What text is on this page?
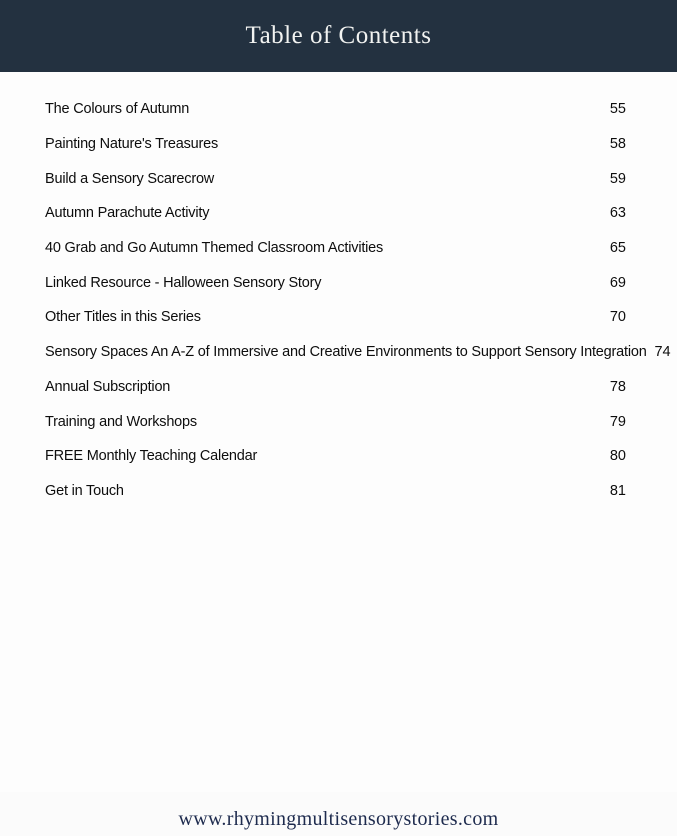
Table of Contents
The Colours of Autumn	55
Painting Nature's Treasures	58
Build a Sensory Scarecrow	59
Autumn Parachute Activity	63
40 Grab and Go Autumn Themed Classroom Activities	65
Linked Resource - Halloween Sensory Story	69
Other Titles in this Series	70
Sensory Spaces An A-Z of Immersive and Creative Environments to Support Sensory Integration 74
Annual Subscription	78
Training and Workshops	79
FREE Monthly Teaching Calendar	80
Get in Touch	81
www.rhymingmultisensorystories.com
